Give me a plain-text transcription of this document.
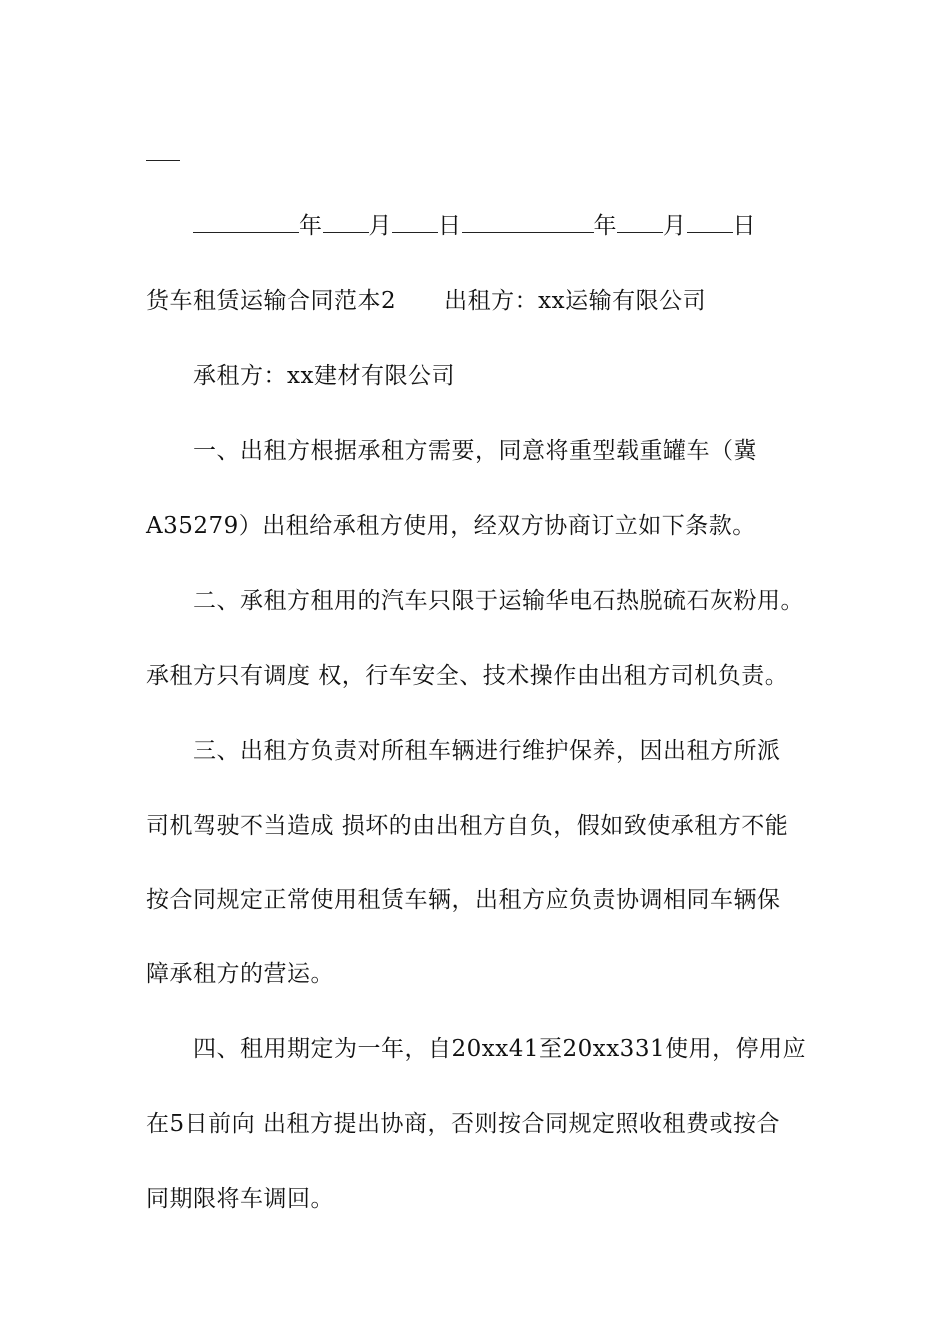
年 月 日	年 月 日
货车租赁运输合同范本2 出租方：xx运输有限公司
承租方：xx建材有限公司
一、出租方根据承租方需要，同意将重型载重罐车（冀
A35279）出租给承租方使用，经双方协商订立如下条款。
二、承租方租用的汽车只限于运输华电石热脱硫石灰粉用。
承租方只有调度 权，行车安全、技术操作由出租方司机负责。
三、出租方负责对所租车辆进行维护保养，因出租方所派
司机驾驶不当造成 损坏的由出租方自负，假如致使承租方不能
按合同规定正常使用租赁车辆，出租方应负责协调相同车辆保
障承租方的营运。
四、租用期定为一年，自20xx41至20xx331使用，停用应
在5日前向 出租方提出协商，否则按合同规定照收租费或按合
同期限将车调回。
